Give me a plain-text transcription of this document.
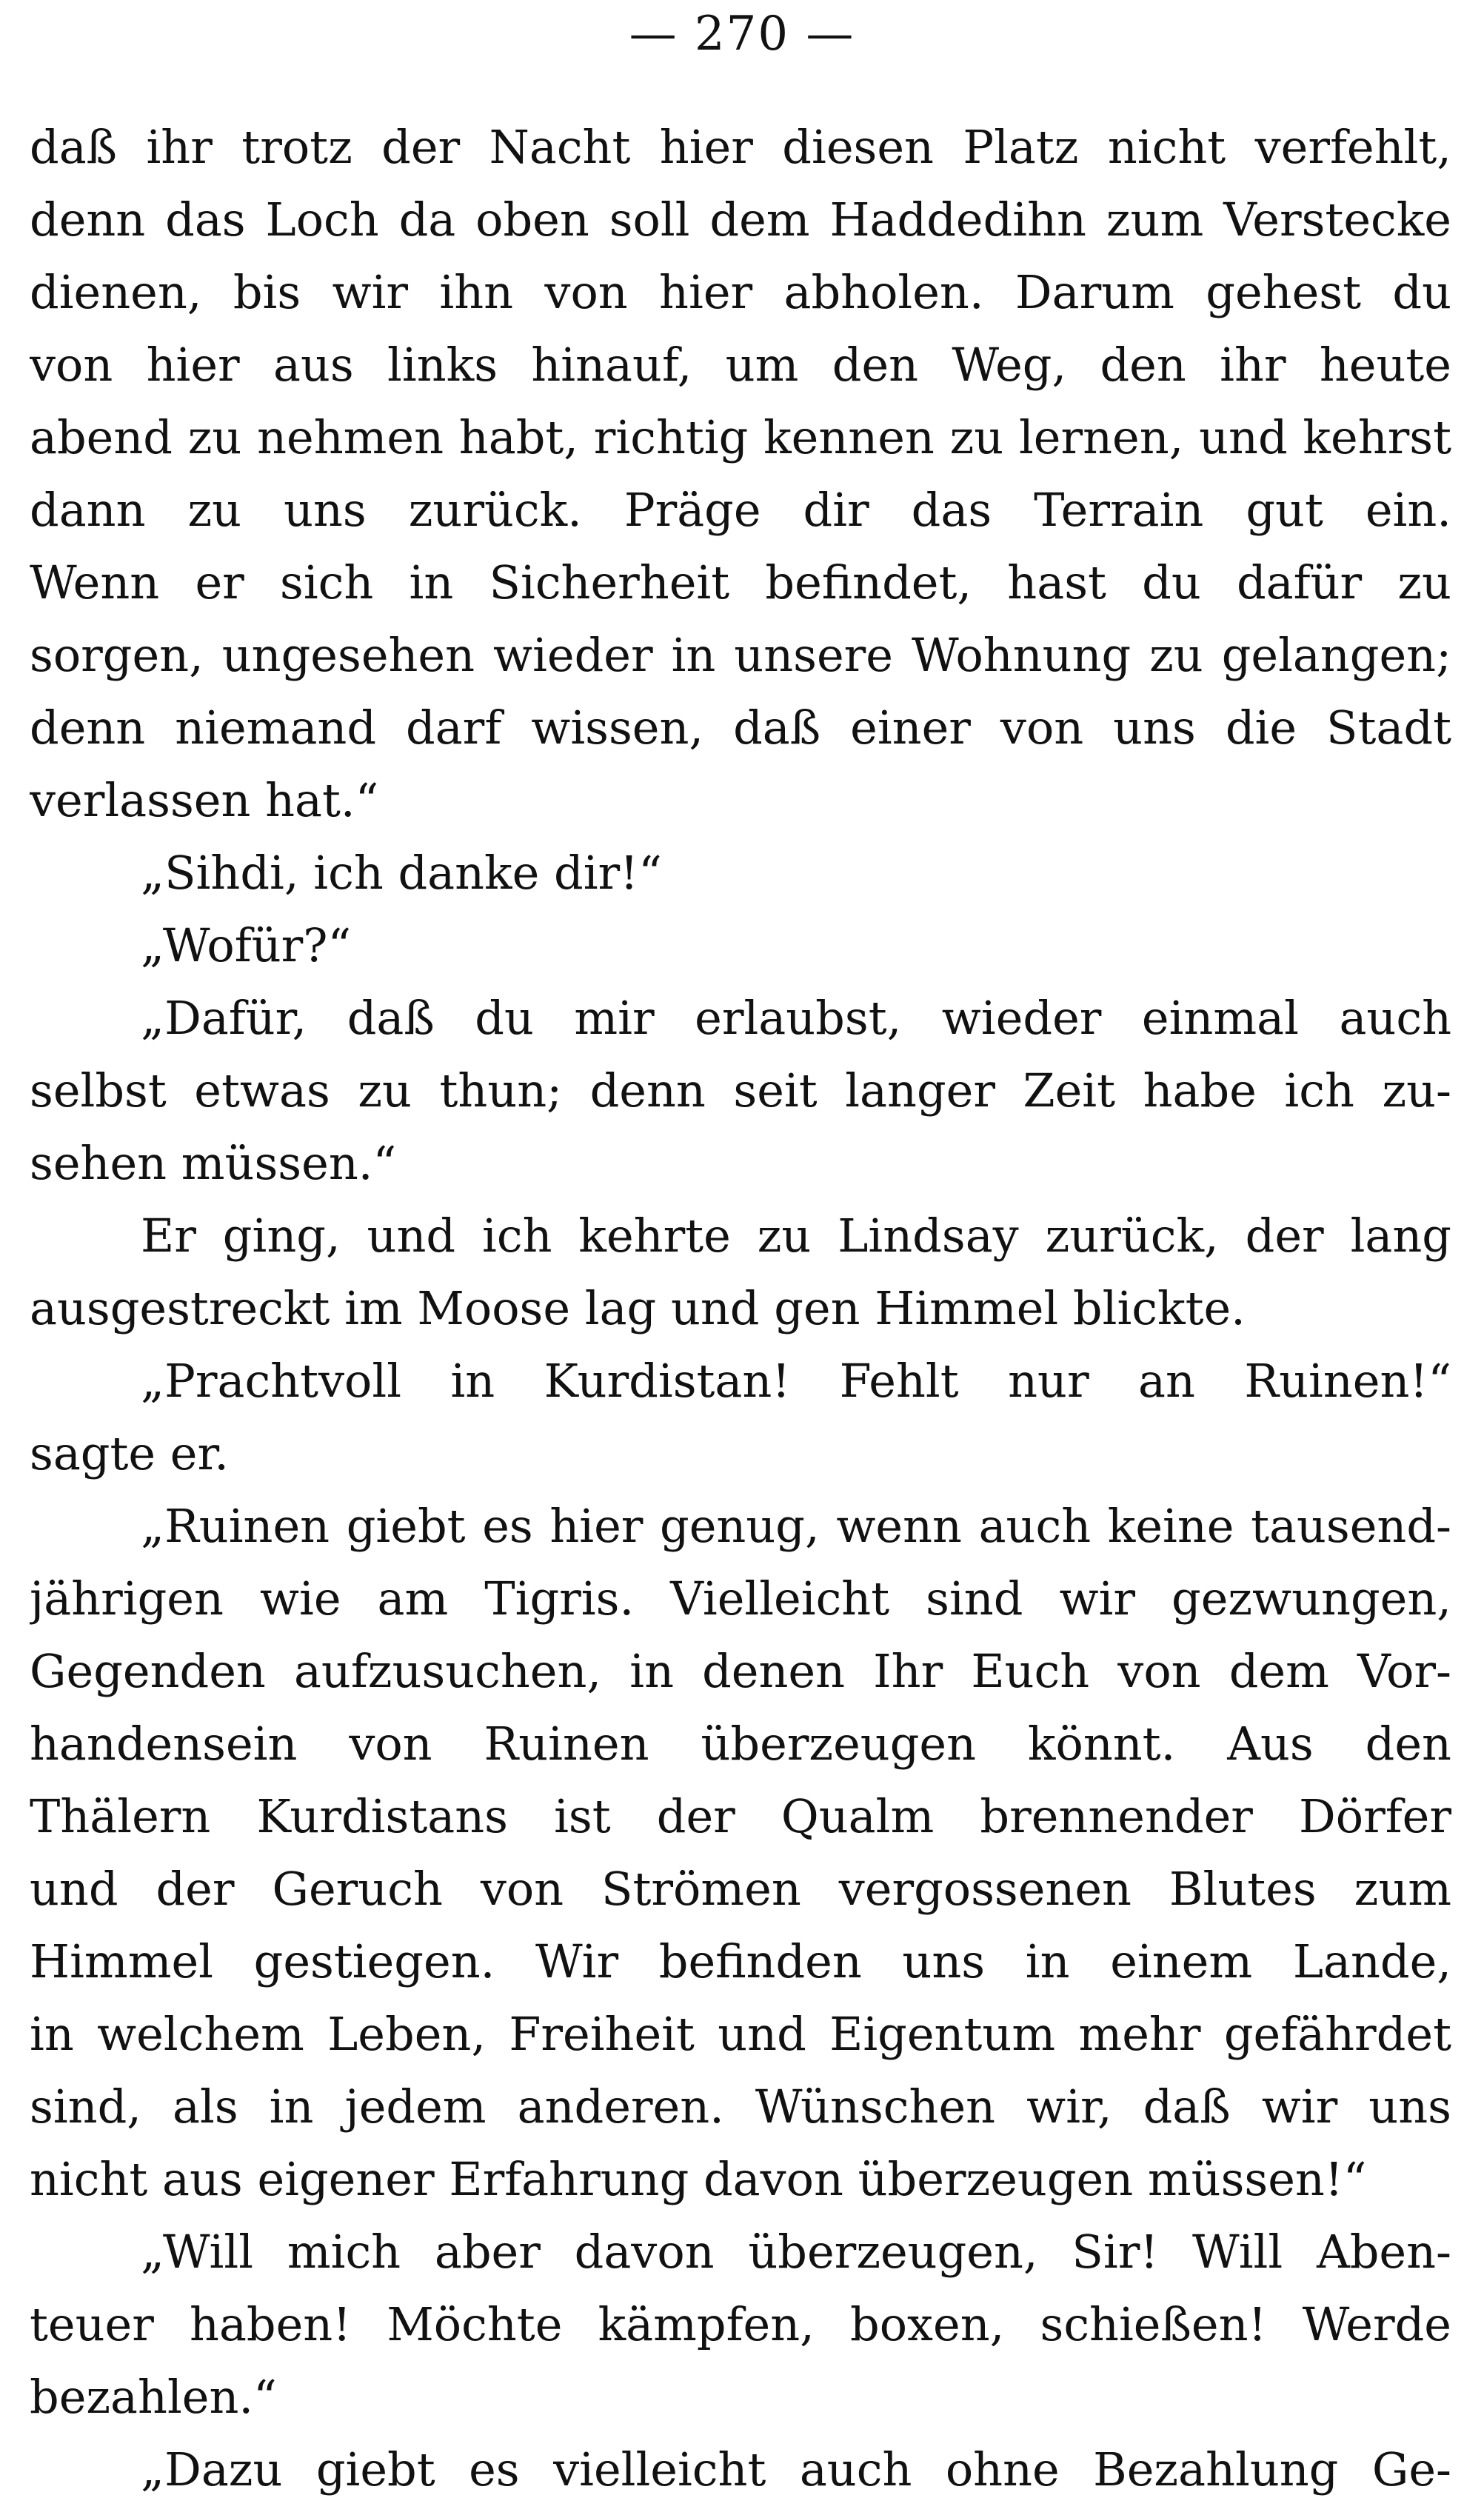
— 270 —
daß ihr trotz der Nacht hier diesen Platz nicht verfehlt,
denn das Loch da oben soll dem Haddedihn zum Verstecke
dienen, bis wir ihn von hier abholen. Darum gehest du
von hier aus links hinauf, um den Weg, den ihr heute
abend zu nehmen habt, richtig kennen zu lernen, und kehrst
dann zu uns zurück. Präge dir das Terrain gut ein.
Wenn er sich in Sicherheit befindet, hast du dafür zu
sorgen, ungesehen wieder in unsere Wohnung zu gelangen;
denn niemand darf wissen, daß einer von uns die Stadt
verlassen hat.“
„Sihdi, ich danke dir!“
„Wofür?“
„Dafür, daß du mir erlaubst, wieder einmal auch
selbst etwas zu thun; denn seit langer Zeit habe ich zu-
sehen müssen.“
Er ging, und ich kehrte zu Lindsay zurück, der lang
ausgestreckt im Moose lag und gen Himmel blickte.
„Prachtvoll in Kurdistan! Fehlt nur an Ruinen!“
sagte er.
„Ruinen giebt es hier genug, wenn auch keine tausend-
jährigen wie am Tigris. Vielleicht sind wir gezwungen,
Gegenden aufzusuchen, in denen Ihr Euch von dem Vor-
handensein von Ruinen überzeugen könnt. Aus den
Thälern Kurdistans ist der Qualm brennender Dörfer
und der Geruch von Strömen vergossenen Blutes zum
Himmel gestiegen. Wir befinden uns in einem Lande,
in welchem Leben, Freiheit und Eigentum mehr gefährdet
sind, als in jedem anderen. Wünschen wir, daß wir uns
nicht aus eigener Erfahrung davon überzeugen müssen!“
„Will mich aber davon überzeugen, Sir! Will Aben-
teuer haben! Möchte kämpfen, boxen, schießen! Werde
bezahlen.“
„Dazu giebt es vielleicht auch ohne Bezahlung Ge-
